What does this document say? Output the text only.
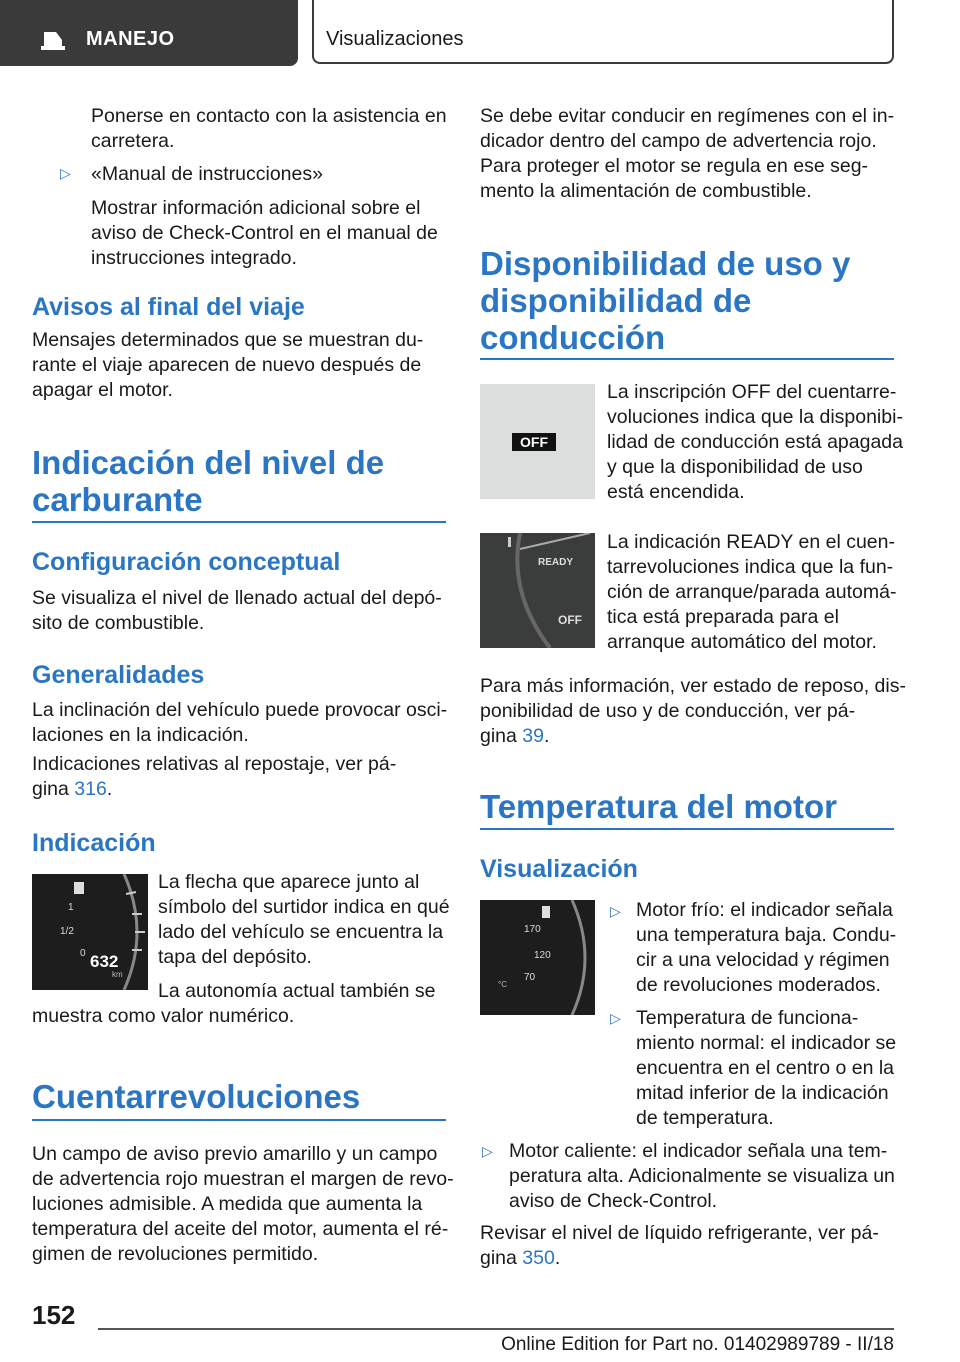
MANEJO	Visualizaciones

Ponerse en contacto con la asistencia en

carretera.

▷ «Manual de instrucciones»

Mostrar información adicional sobre el

aviso de Check-Control en el manual de

instrucciones integrado.

Avisos al final del viaje

Mensajes determinados que se muestran du-

rante el viaje aparecen de nuevo después de

apagar el motor.

Indicación del nivel de
carburante
Configuración conceptual

Se visualiza el nivel de llenado actual del depó-

sito de combustible.

Generalidades

La inclinación del vehículo puede provocar osci-

laciones en la indicación.

Indicaciones relativas al repostaje, ver pá-

gina 316.

Indicación
1
1/2
0 632
km

La flecha que aparece junto al

símbolo del surtidor indica en qué

lado del vehículo se encuentra la

tapa del depósito.

La autonomía actual también se

muestra como valor numérico.

Cuentarrevoluciones

Un campo de aviso previo amarillo y un campo

de advertencia rojo muestran el margen de revo-

luciones admisible. A medida que aumenta la

temperatura del aceite del motor, aumenta el ré-

gimen de revoluciones permitido.

Se debe evitar conducir en regímenes con el in-

dicador dentro del campo de advertencia rojo.

Para proteger el motor se regula en ese seg-

mento la alimentación de combustible.

Disponibilidad de uso y
disponibilidad de
conducción
OFF

La inscripción OFF del cuentarre-

voluciones indica que la disponibi-

lidad de conducción está apagada

y que la disponibilidad de uso

está encendida.

READY
OFF

La indicación READY en el cuen-

tarrevoluciones indica que la fun-

ción de arranque/parada automá-

tica está preparada para el

arranque automático del motor.

Para más información, ver estado de reposo, dis-

ponibilidad de uso y de conducción, ver pá-

gina 39.

Temperatura del motor
Visualización
170
120
70
°C
▷ Motor frío: el indicador señala

una temperatura baja. Condu-

cir a una velocidad y régimen

de revoluciones moderados.

▷ Temperatura de funciona-

miento normal: el indicador se

encuentra en el centro o en la

mitad inferior de la indicación

de temperatura.

▷ Motor caliente: el indicador señala una tem-

peratura alta. Adicionalmente se visualiza un

aviso de Check-Control.

Revisar el nivel de líquido refrigerante, ver pá-

gina 350.

152
Online Edition for Part no. 01402989789 - II/18
